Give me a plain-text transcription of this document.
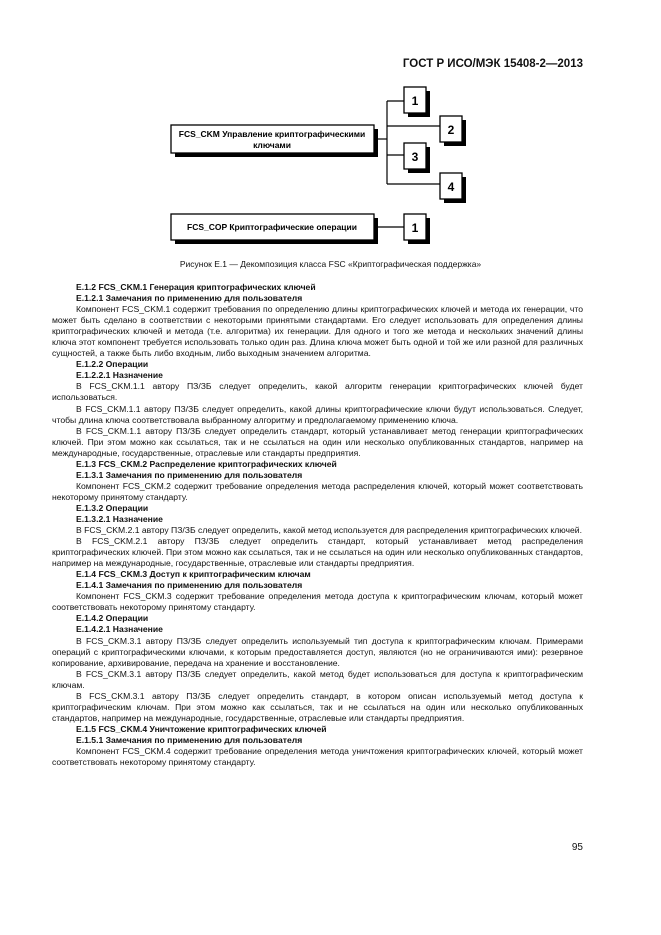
ГОСТ Р ИСО/МЭК 15408-2—2013
FCS_CKM Управление криптографическими
ключами
1
2
3
4
FCS_COP Криптографические операции	1
Рисунок Е.1 — Декомпозиция класса FSC «Криптографическая поддержка»

Е.1.2 FCS_CKM.1 Генерация криптографических ключей

Е.1.2.1 Замечания по применению для пользователя

Компонент FCS_CKM.1 содержит требования по определению длины криптографических ключей и метода их генерации, что может быть сделано в соответствии с некоторыми принятыми стандартами. Его следует использовать для определения длины криптографических ключей и метода (т.е. алгоритма) их генерации. Для одного и того же метода и нескольких значений длины ключа этот компонент требуется использовать только один раз. Длина ключа может быть одной и той же или разной для различных сущностей, а также быть либо входным, либо выходным значением алгоритма.

Е.1.2.2 Операции

Е.1.2.2.1 Назначение

В FCS_CKM.1.1 автору ПЗ/ЗБ следует определить, какой алгоритм генерации криптографических ключей будет использоваться.

В FCS_CKM.1.1 автору ПЗ/ЗБ следует определить, какой длины криптографические ключи будут использоваться. Следует, чтобы длина ключа соответствовала выбранному алгоритму и предполагаемому применению ключа.

В FCS_CKM.1.1 автору ПЗ/ЗБ следует определить стандарт, который устанавливает метод генерации криптографических ключей. При этом можно как ссылаться, так и не ссылаться на один или несколько опубликованных стандартов, например на международные, государственные, отраслевые или стандарты предприятия.

Е.1.3 FCS_CKM.2 Распределение криптографических ключей

Е.1.3.1 Замечания по применению для пользователя

Компонент FCS_CKM.2 содержит требование определения метода распределения ключей, который может соответствовать некоторому принятому стандарту.

Е.1.3.2 Операции

Е.1.3.2.1 Назначение

В FCS_CKM.2.1 автору ПЗ/ЗБ следует определить, какой метод используется для распределения криптографических ключей.

В FCS_CKM.2.1 автору ПЗ/ЗБ следует определить стандарт, который устанавливает метод распределения криптографических ключей. При этом можно как ссылаться, так и не ссылаться на один или несколько опубликованных стандартов, например на международные, государственные, отраслевые или стандарты предприятия.

Е.1.4 FCS_CKM.3 Доступ к криптографическим ключам

Е.1.4.1 Замечания по применению для пользователя

Компонент FCS_CKM.3 содержит требование определения метода доступа к криптографическим ключам, который может соответствовать некоторому принятому стандарту.

Е.1.4.2 Операции

Е.1.4.2.1 Назначение

В FCS_CKM.3.1 автору ПЗ/ЗБ следует определить используемый тип доступа к криптографическим ключам. Примерами операций с криптографическими ключами, к которым предоставляется доступ, являются (но не ограничиваются ими): резервное копирование, архивирование, передача на хранение и восстановление.

В FCS_CKM.3.1 автору ПЗ/ЗБ следует определить, какой метод будет использоваться для доступа к криптографическим ключам.

В FCS_CKM.3.1 автору ПЗ/ЗБ следует определить стандарт, в котором описан используемый метод доступа к криптографическим ключам. При этом можно как ссылаться, так и не ссылаться на один или несколько опубликованных стандартов, например на международные, государственные, отраслевые или стандарты предприятия.

Е.1.5 FCS_CKM.4 Уничтожение криптографических ключей

Е.1.5.1 Замечания по применению для пользователя

Компонент FCS_CKM.4 содержит требование определения метода уничтожения криптографических ключей, который может соответствовать некоторому принятому стандарту.

95
